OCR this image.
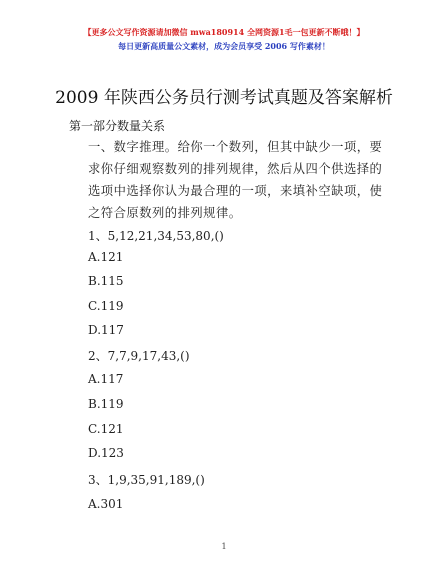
【更多公文写作资源请加微信 mwa180914 全网资源1毛一包更新不断哦！】
每日更新高质量公文素材，成为会员享受 2006 写作素材！
2009 年陕西公务员行测考试真题及答案解析
第一部分数量关系
一、数字推理。给你一个数列，但其中缺少一项，要求你仔细观察数列的排列规律，然后从四个供选择的选项中选择你认为最合理的一项，来填补空缺项，使之符合原数列的排列规律。
1、5,12,21,34,53,80,()
A.121
B.115
C.119
D.117
2、7,7,9,17,43,()
A.117
B.119
C.121
D.123
3、1,9,35,91,189,()
A.301
1
